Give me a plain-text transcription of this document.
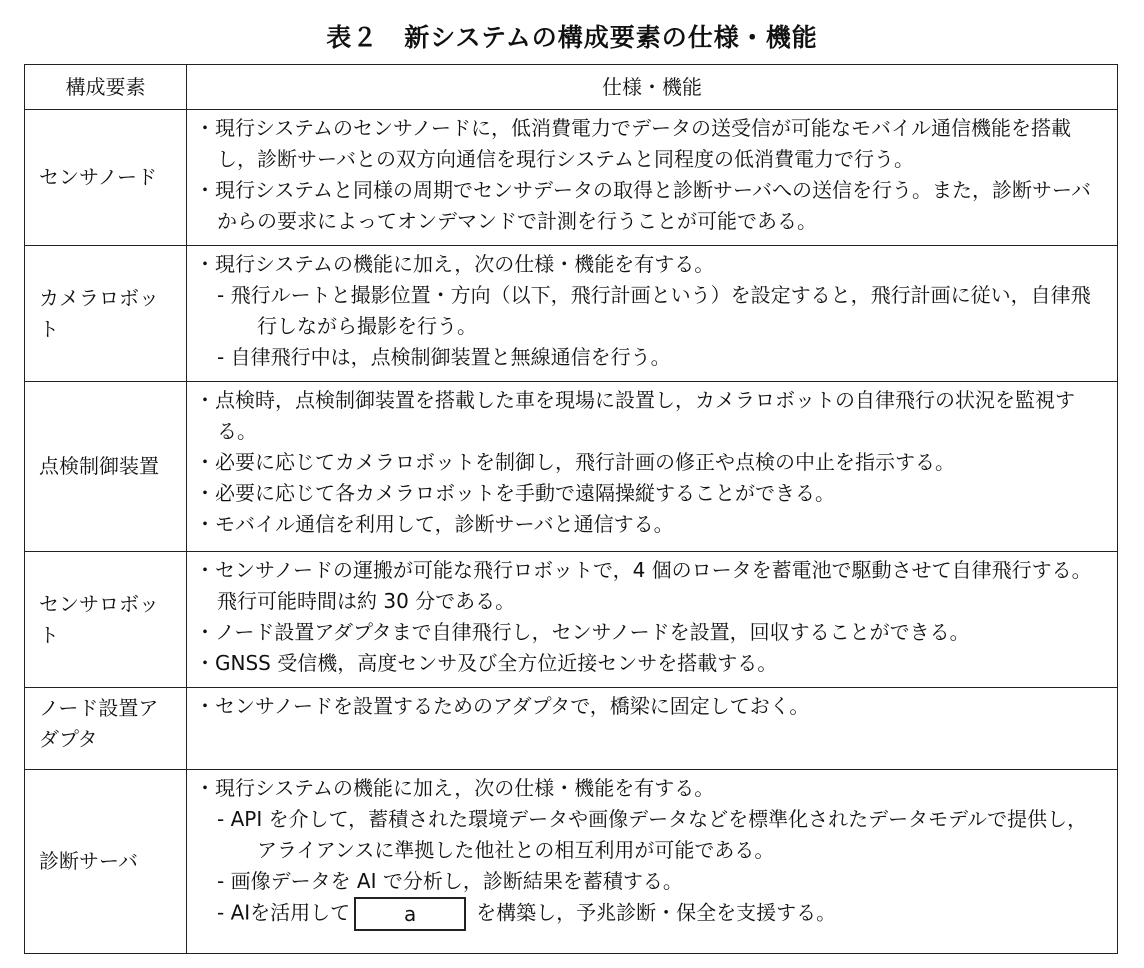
表２　新システムの構成要素の仕様・機能
構成要素	仕様・機能
センサノード	・現行システムのセンサノードに，低消費電力でデータの送受信が可能なモバイル通信機能を搭載し，診断サーバとの双方向通信を現行システムと同程度の低消費電力で行う。
・現行システムと同様の周期でセンサデータの取得と診断サーバへの送信を行う。また，診断サーバからの要求によってオンデマンドで計測を行うことが可能である。

カメラロボット	・現行システムの機能に加え，次の仕様・機能を有する。
- 飛行ルートと撮影位置・方向（以下，飛行計画という）を設定すると，飛行計画に従い，自律飛行しながら撮影を行う。
- 自律飛行中は，点検制御装置と無線通信を行う。

点検制御装置	・点検時，点検制御装置を搭載した車を現場に設置し，カメラロボットの自律飛行の状況を監視する。
・必要に応じてカメラロボットを制御し，飛行計画の修正や点検の中止を指示する。
・必要に応じて各カメラロボットを手動で遠隔操縦することができる。
・モバイル通信を利用して，診断サーバと通信する。

センサロボット	・センサノードの運搬が可能な飛行ロボットで，4 個のロータを蓄電池で駆動させて自律飛行する。飛行可能時間は約 30 分である。
・ノード設置アダプタまで自律飛行し，センサノードを設置，回収することができる。
・GNSS 受信機，高度センサ及び全方位近接センサを搭載する。

ノード設置アダプタ	・センサノードを設置するためのアダプタで，橋梁に固定しておく。

診断サーバ	・現行システムの機能に加え，次の仕様・機能を有する。
- API を介して，蓄積された環境データや画像データなどを標準化されたデータモデルで提供し，アライアンスに準拠した他社との相互利用が可能である。
- 画像データを AI で分析し，診断結果を蓄積する。
- AIを活用して a を構築し，予兆診断・保全を支援する。
